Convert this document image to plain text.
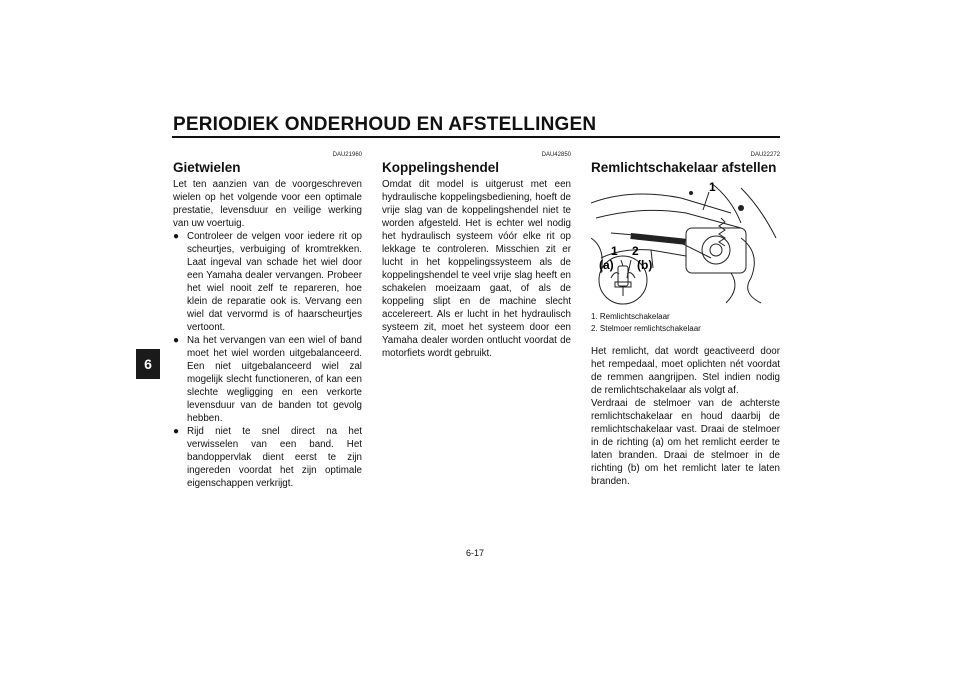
PERIODIEK ONDERHOUD EN AFSTELLINGEN
6
DAU21960
Gietwielen

Let ten aanzien van de voorgeschreven wielen op het volgende voor een optimale prestatie, levensduur en veilige werking van uw voertuig.

● Controleer de velgen voor iedere rit op scheurtjes, verbuiging of kromtrekken. Laat ingeval van schade het wiel door een Yamaha dealer vervangen. Probeer het wiel nooit zelf te repareren, hoe klein de reparatie ook is. Vervang een wiel dat vervormd is of haarscheurtjes vertoont.
● Na het vervangen van een wiel of band moet het wiel worden uitgebalanceerd. Een niet uitgebalanceerd wiel zal mogelijk slecht functioneren, of kan een slechte wegligging en een verkorte levensduur van de banden tot gevolg hebben.
● Rijd niet te snel direct na het verwisselen van een band. Het bandoppervlak dient eerst te zijn ingereden voordat het zijn optimale eigenschappen verkrijgt.
DAU42850
Koppelingshendel

Omdat dit model is uitgerust met een hydraulische koppelingsbediening, hoeft de vrije slag van de koppelingshendel niet te worden afgesteld. Het is echter wel nodig het hydraulisch systeem vóór elke rit op lekkage te controleren. Misschien zit er lucht in het koppelingssysteem als de koppelingshendel te veel vrije slag heeft en schakelen moeizaam gaat, of als de koppeling slipt en de machine slecht accelereert. Als er lucht in het hydraulisch systeem zit, moet het systeem door een Yamaha dealer worden ontlucht voordat de motorfiets wordt gebruikt.

DAU22272
Remlichtschakelaar afstellen
1
1 2
(a) (b)
1. Remlichtschakelaar
2. Stelmoer remlichtschakelaar

Het remlicht, dat wordt geactiveerd door het rempedaal, moet oplichten nét voordat de remmen aangrijpen. Stel indien nodig de remlichtschakelaar als volgt af.

Verdraai de stelmoer van de achterste remlichtschakelaar en houd daarbij de remlichtschakelaar vast. Draai de stelmoer in de richting (a) om het remlicht eerder te laten branden. Draai de stelmoer in de richting (b) om het remlicht later te laten branden.

6-17
